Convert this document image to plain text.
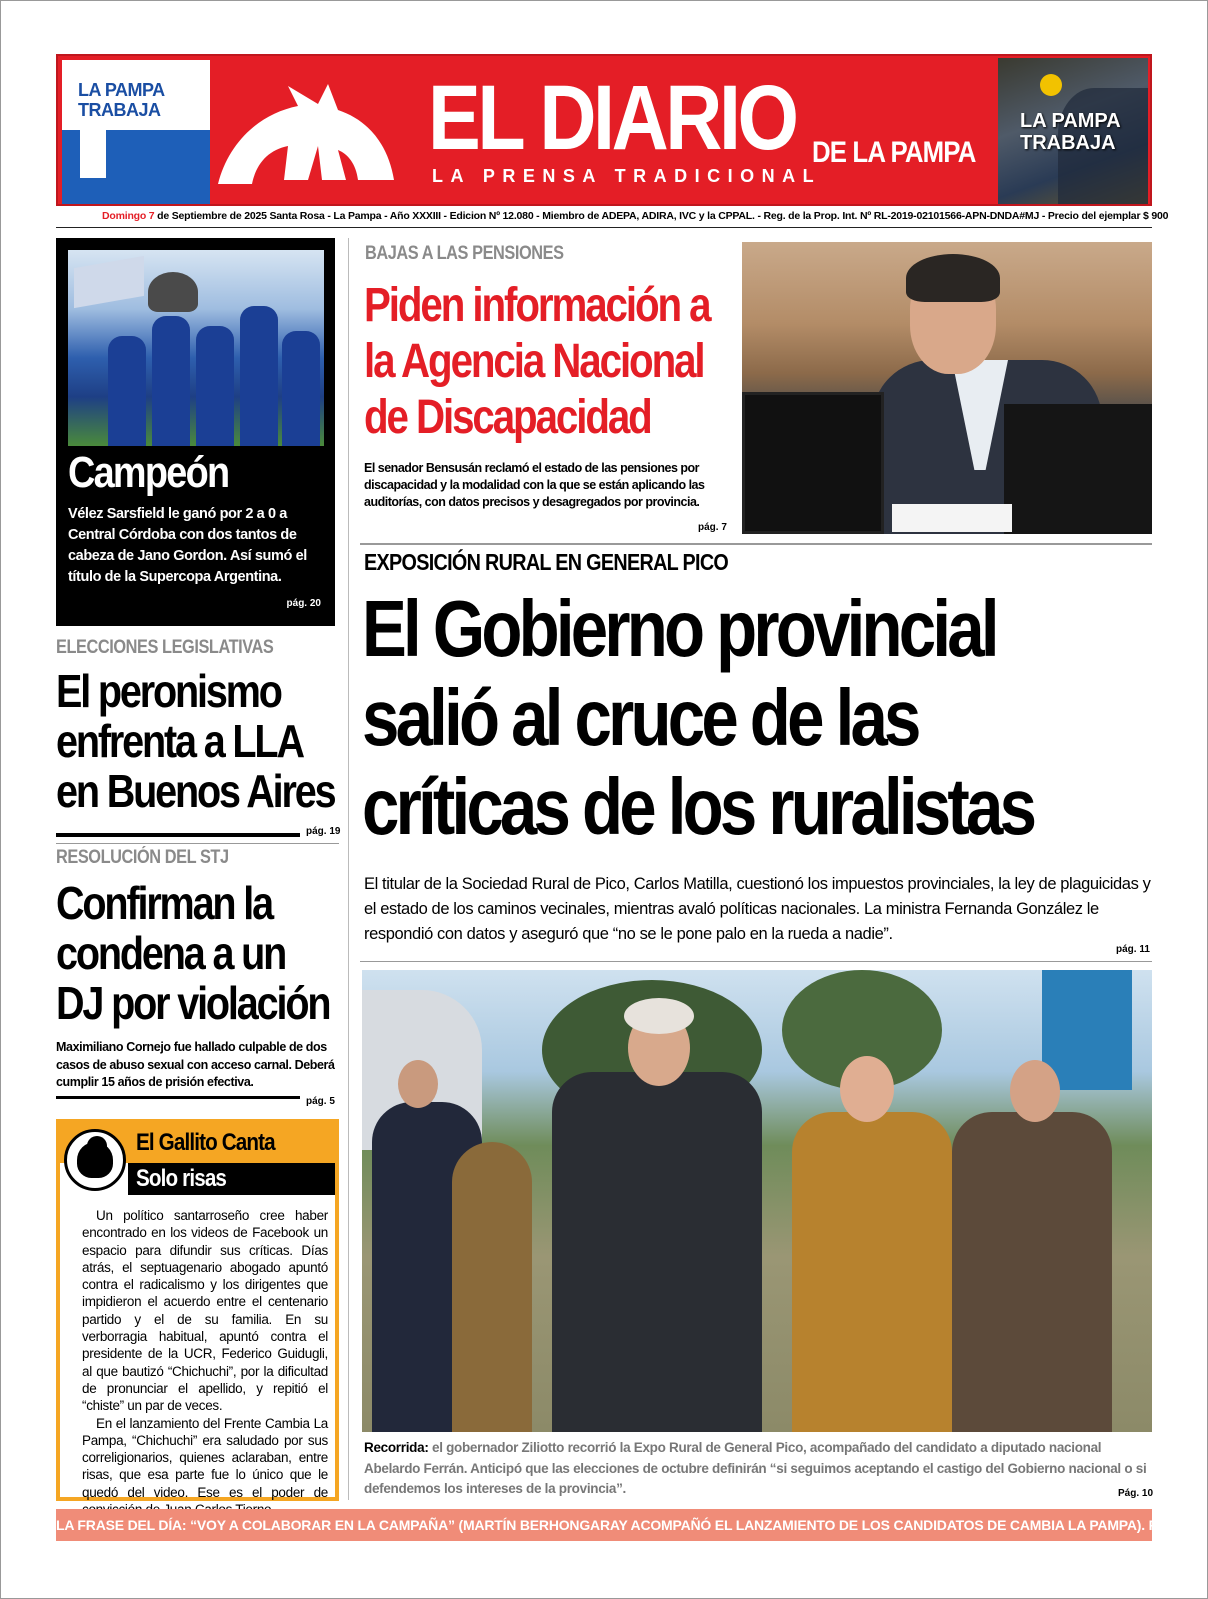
LA PAMPA TRABAJA	EL DIARIO DE LA PAMPA
LA PRENSA TRADICIONAL
LA PAMPA TRABAJA
Domingo 7 de Septiembre de 2025 Santa Rosa - La Pampa - Año XXXIII - Edicion Nº 12.080 - Miembro de ADEPA, ADIRA, IVC y la CPPAL. - Reg. de la Prop. Int. Nº RL-2019-02101566-APN-DNDA#MJ - Precio del ejemplar $ 900
Campeón
Vélez Sarsfield le ganó por 2 a 0 a Central Córdoba con dos tantos de cabeza de Jano Gordon. Así sumó el título de la Supercopa Argentina.
pág. 20
ELECCIONES LEGISLATIVAS
El peronismo
enfrenta a LLA
en Buenos Aires
pág. 19
RESOLUCIÓN DEL STJ
Confirman la
condena a un
DJ por violación
Maximiliano Cornejo fue hallado culpable de dos casos de abuso sexual con acceso carnal. Deberá cumplir 15 años de prisión efectiva.
pág. 5
El Gallito Canta
Solo risas

Un político santarroseño cree haber encontrado en los videos de Facebook un espacio para difundir sus críticas. Días atrás, el septuagenario abogado apuntó contra el radicalismo y los dirigentes que impidieron el acuerdo entre el centenario partido y el de su familia. En su verborragia habitual, apuntó contra el presidente de la UCR, Federico Guidugli, al que bautizó “Chichuchi”, por la dificultad de pronunciar el apellido, y repitió el “chiste” un par de veces.

En el lanzamiento del Frente Cambia La Pampa, “Chichuchi” era saludado por sus correligionarios, quienes aclaraban, entre risas, que esa parte fue lo único que le quedó del video. Ese es el poder de

BAJAS A LAS PENSIONES
Piden información a
la Agencia Nacional
de Discapacidad
El senador Bensusán reclamó el estado de las pensiones por discapacidad y la modalidad con la que se están aplicando las auditorías, con datos precisos y desagregados por provincia.
pág. 7
EXPOSICIÓN RURAL EN GENERAL PICO
El Gobierno provincial
salió al cruce de las
críticas de los ruralistas
El titular de la Sociedad Rural de Pico, Carlos Matilla, cuestionó los impuestos provinciales, la ley de plaguicidas y el estado de los caminos vecinales, mientras avaló políticas nacionales. La ministra Fernanda González le respondió con datos y aseguró que “no se le pone palo en la rueda a nadie”.
pág. 11
Recorrida: el gobernador Ziliotto recorrió la Expo Rural de General Pico, acompañado del candidato a diputado nacional Abelardo Ferrán. Anticipó que las elecciones de octubre definirán “si seguimos aceptando el castigo del Gobierno nacional o si defendemos los intereses de la provincia”.	Pág. 10
LA FRASE DEL DÍA: “VOY A COLABORAR EN LA CAMPAÑA” (MARTÍN BERHONGARAY ACOMPAÑÓ EL LANZAMIENTO DE LOS CANDIDATOS DE CAMBIA LA PAMPA). PÁG. 7
